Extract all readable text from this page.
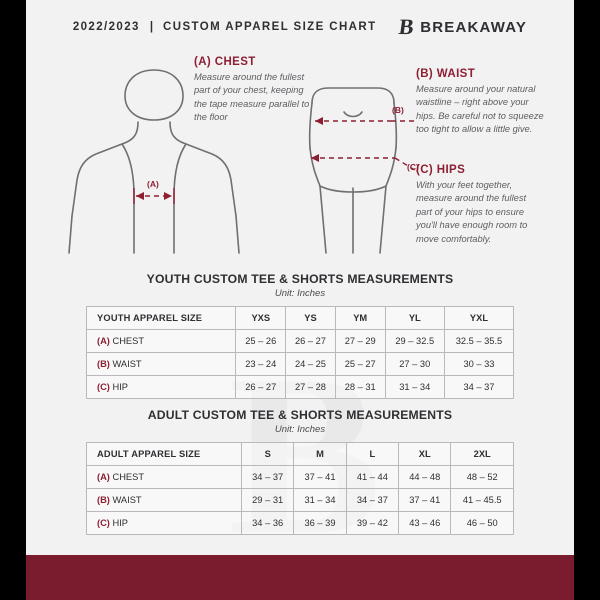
2022/2023 | CUSTOM APPAREL SIZE CHART B BREAKAWAY
(A) CHEST
Measure around the fullest part of your chest, keeping the tape measure parallel to the floor
(B) WAIST
Measure around your natural waistline – right above your hips. Be careful not to squeeze too tight to allow a little give.
(C) HIPS
With your feet together, measure around the fullest part of your hips to ensure you'll have enough room to move comfortably.
(A)
(B)
(C)
YOUTH CUSTOM TEE & SHORTS MEASUREMENTS
Unit: Inches
YOUTH APPAREL SIZE	YXS	YS	YM	YL	YXL
(A) CHEST	25 – 26	26 – 27	27 – 29	29 – 32.5	32.5 – 35.5
(B) WAIST	23 – 24	24 – 25	25 – 27	27 – 30	30 – 33
(C) HIP	26 – 27	27 – 28	28 – 31	31 – 34	34 – 37
ADULT CUSTOM TEE & SHORTS MEASUREMENTS
Unit: Inches
ADULT APPAREL SIZE	S	M	L	XL	2XL
(A) CHEST	34 – 37	37 – 41	41 – 44	44 – 48	48 – 52
(B) WAIST	29 – 31	31 – 34	34 – 37	37 – 41	41 – 45.5
(C) HIP	34 – 36	36 – 39	39 – 42	43 – 46	46 – 50
